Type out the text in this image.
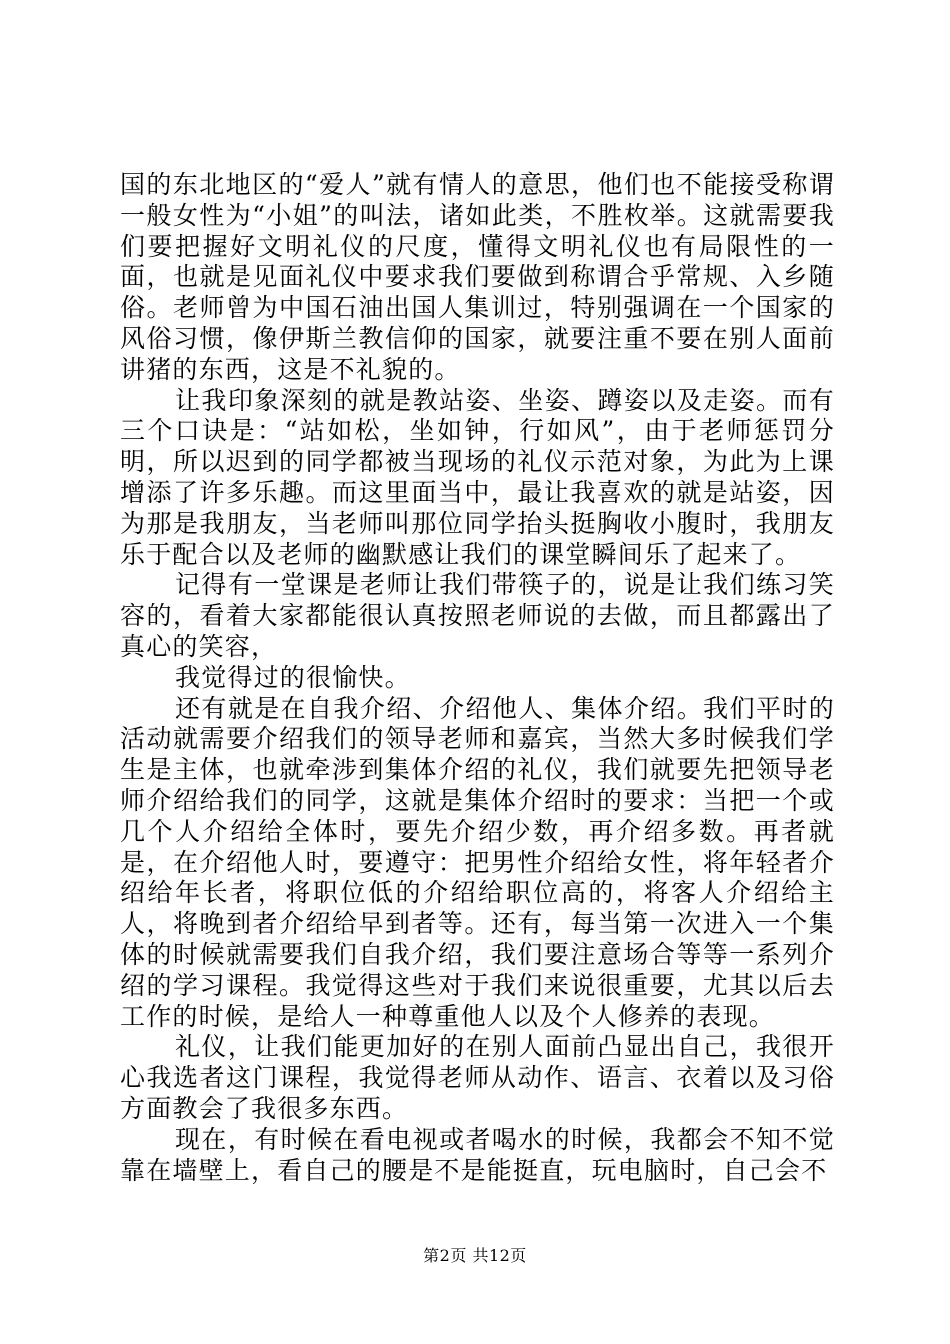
国的东北地区的“爱人”就有情人的意思，他们也不能接受称谓一般女性为“小姐”的叫法，诸如此类，不胜枚举。这就需要我们要把握好文明礼仪的尺度，懂得文明礼仪也有局限性的一面，也就是见面礼仪中要求我们要做到称谓合乎常规、入乡随俗。老师曾为中国石油出国人集训过，特别强调在一个国家的风俗习惯，像伊斯兰教信仰的国家，就要注重不要在别人面前讲猪的东西，这是不礼貌的。

让我印象深刻的就是教站姿、坐姿、蹲姿以及走姿。而有三个口诀是：“站如松，坐如钟，行如风”，由于老师惩罚分明，所以迟到的同学都被当现场的礼仪示范对象，为此为上课增添了许多乐趣。而这里面当中，最让我喜欢的就是站姿，因为那是我朋友，当老师叫那位同学抬头挺胸收小腹时，我朋友乐于配合以及老师的幽默感让我们的课堂瞬间乐了起来了。

记得有一堂课是老师让我们带筷子的，说是让我们练习笑容的，看着大家都能很认真按照老师说的去做，而且都露出了真心的笑容，

我觉得过的很愉快。

还有就是在自我介绍、介绍他人、集体介绍。我们平时的活动就需要介绍我们的领导老师和嘉宾，当然大多时候我们学生是主体，也就牵涉到集体介绍的礼仪，我们就要先把领导老师介绍给我们的同学，这就是集体介绍时的要求：当把一个或几个人介绍给全体时，要先介绍少数，再介绍多数。再者就是，在介绍他人时，要遵守：把男性介绍给女性，将年轻者介绍给年长者，将职位低的介绍给职位高的，将客人介绍给主人，将晚到者介绍给早到者等。还有，每当第一次进入一个集体的时候就需要我们自我介绍，我们要注意场合等等一系列介绍的学习课程。我觉得这些对于我们来说很重要，尤其以后去工作的时候，是给人一种尊重他人以及个人修养的表现。

礼仪，让我们能更加好的在别人面前凸显出自己，我很开心我选者这门课程，我觉得老师从动作、语言、衣着以及习俗方面教会了我很多东西。

现在，有时候在看电视或者喝水的时候，我都会不知不觉靠在墙壁上，看自己的腰是不是能挺直，玩电脑时，自己会不

第2页 共12页
